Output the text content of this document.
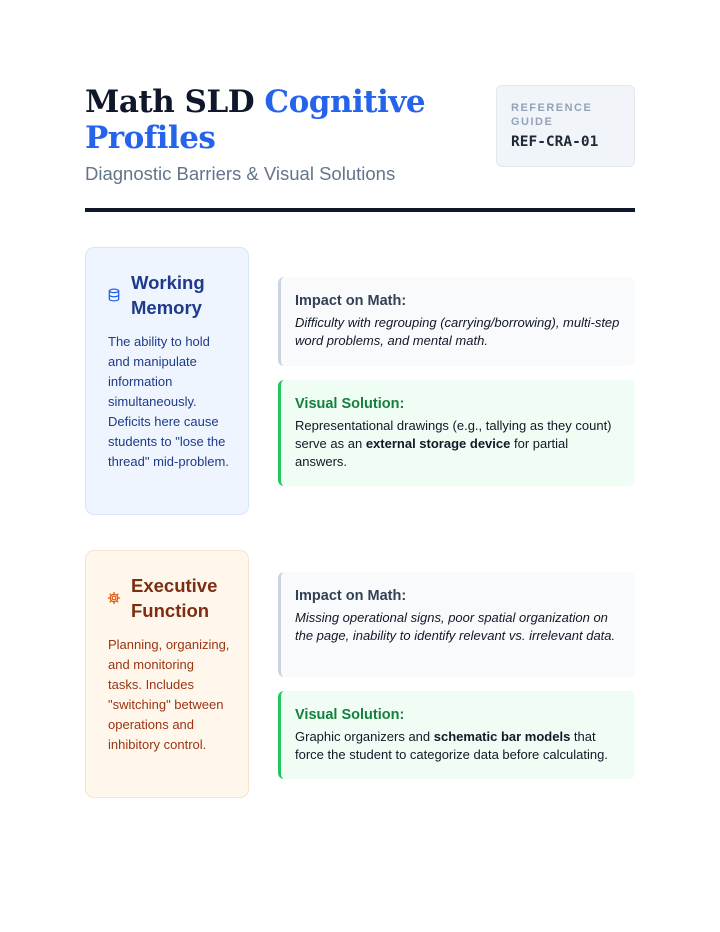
Math SLD Cognitive Profiles
Diagnostic Barriers & Visual Solutions
REFERENCE GUIDE
REF-CRA-01
Working Memory
The ability to hold and manipulate information simultaneously. Deficits here cause students to "lose the thread" mid-problem.
Impact on Math:
Difficulty with regrouping (carrying/borrowing), multi-step word problems, and mental math.
Visual Solution:
Representational drawings (e.g., tallying as they count) serve as an external storage device for partial answers.
Executive Function
Planning, organizing, and monitoring tasks. Includes "switching" between operations and inhibitory control.
Impact on Math:
Missing operational signs, poor spatial organization on the page, inability to identify relevant vs. irrelevant data.
Visual Solution:
Graphic organizers and schematic bar models that force the student to categorize data before calculating.
